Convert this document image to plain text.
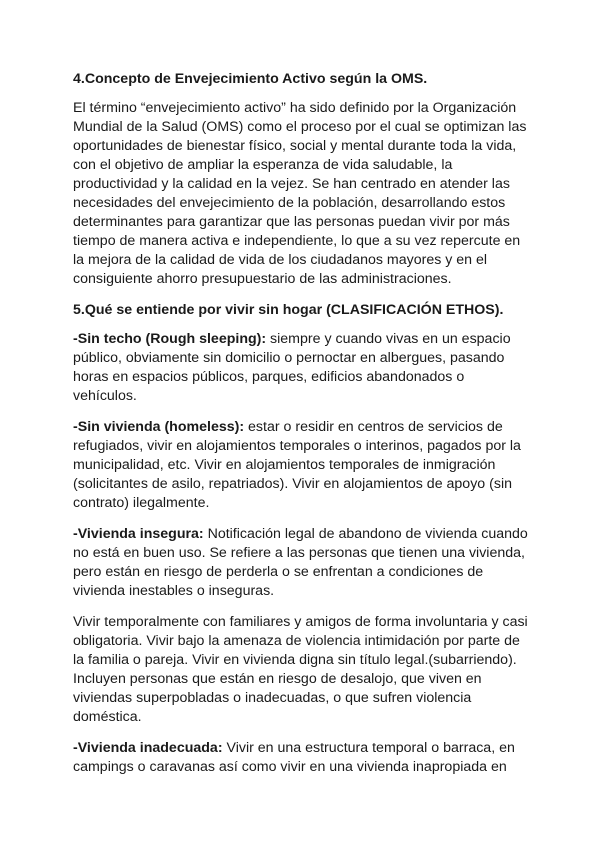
4.Concepto de Envejecimiento Activo según la OMS.

El término “envejecimiento activo” ha sido definido por la Organización Mundial de la Salud (OMS) como el proceso por el cual se optimizan las oportunidades de bienestar físico, social y mental durante toda la vida, con el objetivo de ampliar la esperanza de vida saludable, la productividad y la calidad en la vejez. Se han centrado en atender las necesidades del envejecimiento de la población, desarrollando estos determinantes para garantizar que las personas puedan vivir por más tiempo de manera activa e independiente, lo que a su vez repercute en la mejora de la calidad de vida de los ciudadanos mayores y en el consiguiente ahorro presupuestario de las administraciones.

5.Qué se entiende por vivir sin hogar (CLASIFICACIÓN ETHOS).

-Sin techo (Rough sleeping): siempre y cuando vivas en un espacio público, obviamente sin domicilio o pernoctar en albergues, pasando horas en espacios públicos, parques, edificios abandonados o vehículos.

-Sin vivienda (homeless): estar o residir en centros de servicios de refugiados, vivir en alojamientos temporales o interinos, pagados por la municipalidad, etc. Vivir en alojamientos temporales de inmigración (solicitantes de asilo, repatriados). Vivir en alojamientos de apoyo (sin contrato) ilegalmente.

-Vivienda insegura: Notificación legal de abandono de vivienda cuando no está en buen uso. Se refiere a las personas que tienen una vivienda, pero están en riesgo de perderla o se enfrentan a condiciones de vivienda inestables o inseguras.

Vivir temporalmente con familiares y amigos de forma involuntaria y casi obligatoria. Vivir bajo la amenaza de violencia intimidación por parte de la familia o pareja. Vivir en vivienda digna sin título legal.(subarriendo). Incluyen personas que están en riesgo de desalojo, que viven en viviendas superpobladas o inadecuadas, o que sufren violencia doméstica.

-Vivienda inadecuada: Vivir en una estructura temporal o barraca, en campings o caravanas así como vivir en una vivienda inapropiada en
